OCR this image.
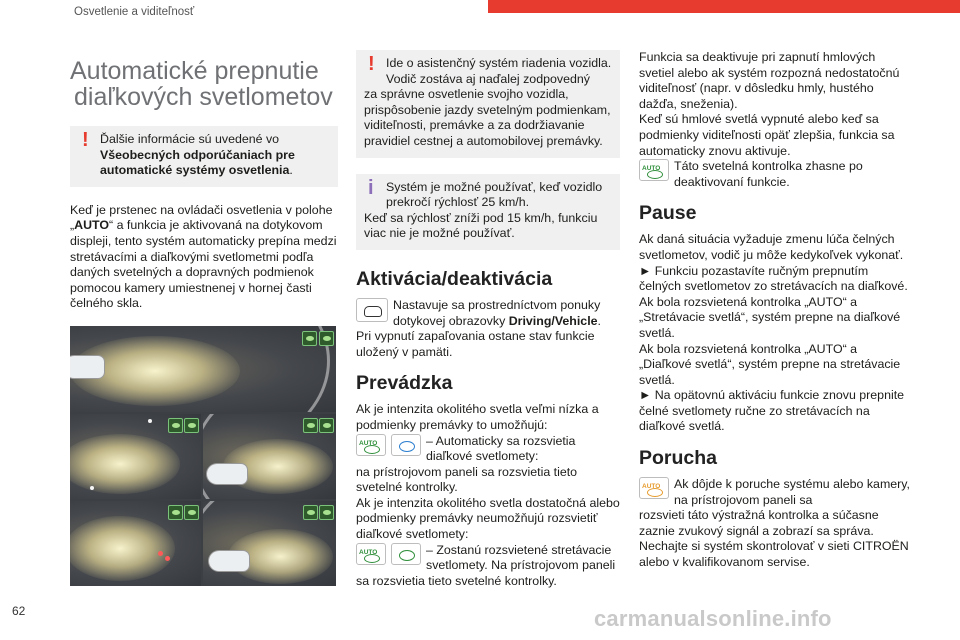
Osvetlenie a viditeľnosť
Automatické prepnutie
diaľkových svetlometov
! Ďalšie informácie sú uvedené vo Všeobecných odporúčaniach pre automatické systémy osvetlenia.

Keď je prstenec na ovládači osvetlenia v polohe „AUTO“ a funkcia je aktivovaná na dotykovom displeji, tento systém automaticky prepína medzi stretávacími a diaľkovými svetlometmi podľa daných svetelných a dopravných podmienok pomocou kamery umiestnenej v hornej časti čelného skla.

! Ide o asistenčný systém riadenia vozidla. Vodič zostáva aj naďalej zodpovedný

za správne osvetlenie svojho vozidla, prispôsobenie jazdy svetelným podmienkam, viditeľnosti, premávke a za dodržiavanie pravidiel cestnej a automobilovej premávky.

i Systém je možné používať, keď vozidlo prekročí rýchlosť 25 km/h.

Keď sa rýchlosť zníži pod 15 km/h, funkciu viac nie je možné používať.

Aktivácia/deaktivácia

Nastavuje sa prostredníctvom ponuky dotykovej obrazovky Driving/Vehicle.

Pri vypnutí zapaľovania ostane stav funkcie uložený v pamäti.

Prevádzka

Ak je intenzita okolitého svetla veľmi nízka a podmienky premávky to umožňujú:

AUTO

– Automaticky sa rozsvietia diaľkové svetlomety:

na prístrojovom paneli sa rozsvietia tieto svetelné kontrolky.

Ak je intenzita okolitého svetla dostatočná alebo podmienky premávky neumožňujú rozsvietiť diaľkové svetlomety:

AUTO

– Zostanú rozsvietené stretávacie svetlomety. Na prístrojovom paneli

sa rozsvietia tieto svetelné kontrolky.

Funkcia sa deaktivuje pri zapnutí hmlových svetiel alebo ak systém rozpozná nedostatočnú viditeľnosť (napr. v dôsledku hmly, hustého dažďa, sneženia).
Keď sú hmlové svetlá vypnuté alebo keď sa podmienky viditeľnosti opäť zlepšia, funkcia sa automaticky znovu aktivuje.

AUTO

Táto svetelná kontrolka zhasne po deaktivovaní funkcie.

Pause

Ak daná situácia vyžaduje zmenu lúča čelných svetlometov, vodič ju môže kedykoľvek vykonať.
► Funkciu pozastavíte ručným prepnutím čelných svetlometov zo stretávacích na diaľkové.
Ak bola rozsvietená kontrolka „AUTO“ a „Stretávacie svetlá“, systém prepne na diaľkové svetlá.
Ak bola rozsvietená kontrolka „AUTO“ a „Diaľkové svetlá“, systém prepne na stretávacie svetlá.
► Na opätovnú aktiváciu funkcie znovu prepnite čelné svetlomety ručne zo stretávacích na diaľkové svetlá.

Porucha
AUTO

Ak dôjde k poruche systému alebo kamery, na prístrojovom paneli sa

rozsvieti táto výstražná kontrolka a súčasne zaznie zvukový signál a zobrazí sa správa.
Nechajte si systém skontrolovať v sieti CITROËN alebo v kvalifikovanom servise.

62	carmanualsonline.info
